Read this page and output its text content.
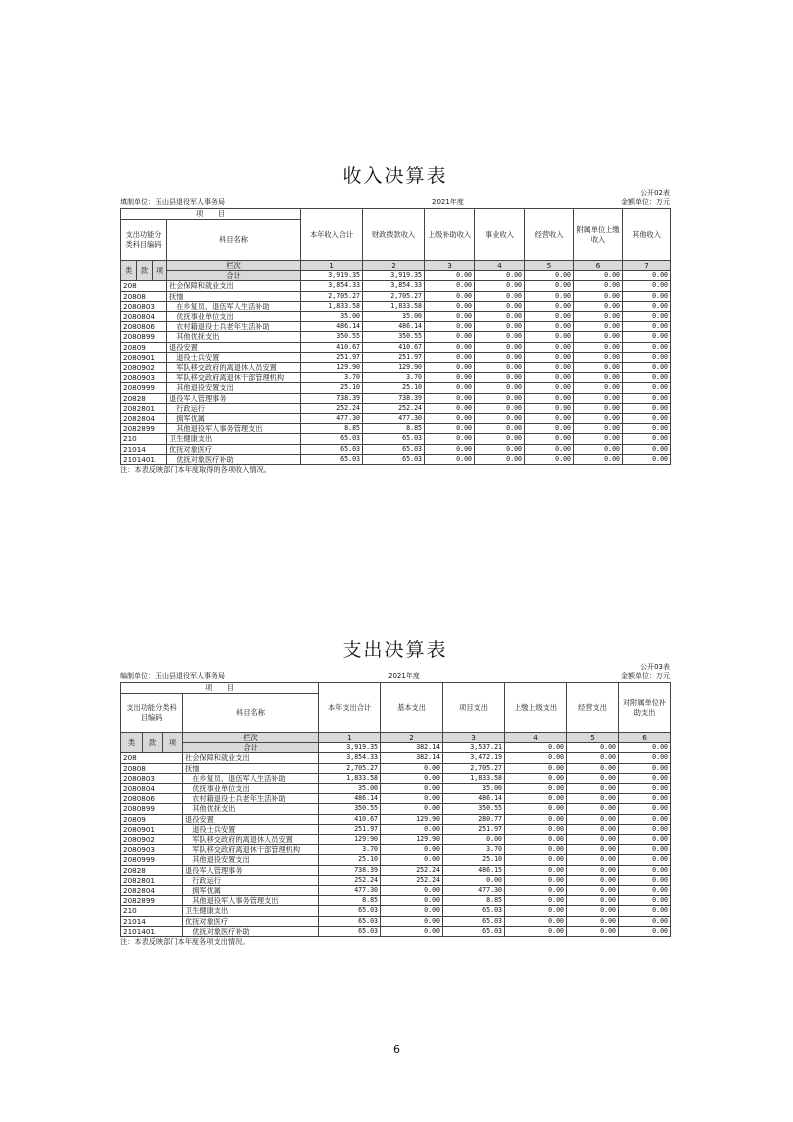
收入决算表
填制单位：玉山县退役军人事务局	2021年度
公开02表
金额单位：万元
项　　目				本年收入合计	财政拨款收入	上级补助收入	事业收入	经营收入	附属单位上缴收入	其他收入
支出功能分类科目编码			科目名称							

类	款	项	栏次	1	2	3	4	5	6	7
			合计	3,919.35	3,919.35	0.00	0.00	0.00	0.00	0.00
208			社会保障和就业支出	3,854.33	3,854.33	0.00	0.00	0.00	0.00	0.00
20808			抚恤	2,705.27	2,705.27	0.00	0.00	0.00	0.00	0.00
2080803			　在乡复员、退伍军人生活补助	1,833.58	1,833.58	0.00	0.00	0.00	0.00	0.00
2080804			　优抚事业单位支出	35.00	35.00	0.00	0.00	0.00	0.00	0.00
2080806			　农村籍退役士兵老年生活补助	486.14	486.14	0.00	0.00	0.00	0.00	0.00
2080899			　其他优抚支出	350.55	350.55	0.00	0.00	0.00	0.00	0.00
20809			退役安置	410.67	410.67	0.00	0.00	0.00	0.00	0.00
2080901			　退役士兵安置	251.97	251.97	0.00	0.00	0.00	0.00	0.00
2080902			　军队移交政府的离退休人员安置	129.90	129.90	0.00	0.00	0.00	0.00	0.00
2080903			　军队移交政府离退休干部管理机构	3.70	3.70	0.00	0.00	0.00	0.00	0.00
2080999			　其他退役安置支出	25.10	25.10	0.00	0.00	0.00	0.00	0.00
20828			退役军人管理事务	738.39	738.39	0.00	0.00	0.00	0.00	0.00
2082801			　行政运行	252.24	252.24	0.00	0.00	0.00	0.00	0.00
2082804			　拥军优属	477.30	477.30	0.00	0.00	0.00	0.00	0.00
2082899			　其他退役军人事务管理支出	8.85	8.85	0.00	0.00	0.00	0.00	0.00
210			卫生健康支出	65.03	65.03	0.00	0.00	0.00	0.00	0.00
21014			优抚对象医疗	65.03	65.03	0.00	0.00	0.00	0.00	0.00
2101401			　优抚对象医疗补助	65.03	65.03	0.00	0.00	0.00	0.00	0.00
注：本表反映部门本年度取得的各项收入情况。
支出决算表
编制单位：玉山县退役军人事务局	2021年度
公开03表
金额单位：万元
项　　目				本年支出合计	基本支出	项目支出	上缴上级支出	经营支出	对附属单位补助支出
支出功能分类科目编码			科目名称						

类	款	项	栏次	1	2	3	4	5	6
			合计	3,919.35	382.14	3,537.21	0.00	0.00	0.00
208			社会保障和就业支出	3,854.33	382.14	3,472.19	0.00	0.00	0.00
20808			抚恤	2,705.27	0.00	2,705.27	0.00	0.00	0.00
2080803			　在乡复员、退伍军人生活补助	1,833.58	0.00	1,833.58	0.00	0.00	0.00
2080804			　优抚事业单位支出	35.00	0.00	35.00	0.00	0.00	0.00
2080806			　农村籍退役士兵老年生活补助	486.14	0.00	486.14	0.00	0.00	0.00
2080899			　其他优抚支出	350.55	0.00	350.55	0.00	0.00	0.00
20809			退役安置	410.67	129.90	280.77	0.00	0.00	0.00
2080901			　退役士兵安置	251.97	0.00	251.97	0.00	0.00	0.00
2080902			　军队移交政府的离退休人员安置	129.90	129.90	0.00	0.00	0.00	0.00
2080903			　军队移交政府离退休干部管理机构	3.70	0.00	3.70	0.00	0.00	0.00
2080999			　其他退役安置支出	25.10	0.00	25.10	0.00	0.00	0.00
20828			退役军人管理事务	738.39	252.24	486.15	0.00	0.00	0.00
2082801			　行政运行	252.24	252.24	0.00	0.00	0.00	0.00
2082804			　拥军优属	477.30	0.00	477.30	0.00	0.00	0.00
2082899			　其他退役军人事务管理支出	8.85	0.00	8.85	0.00	0.00	0.00
210			卫生健康支出	65.03	0.00	65.03	0.00	0.00	0.00
21014			优抚对象医疗	65.03	0.00	65.03	0.00	0.00	0.00
2101401			　优抚对象医疗补助	65.03	0.00	65.03	0.00	0.00	0.00
注：本表反映部门本年度各项支出情况。
6
